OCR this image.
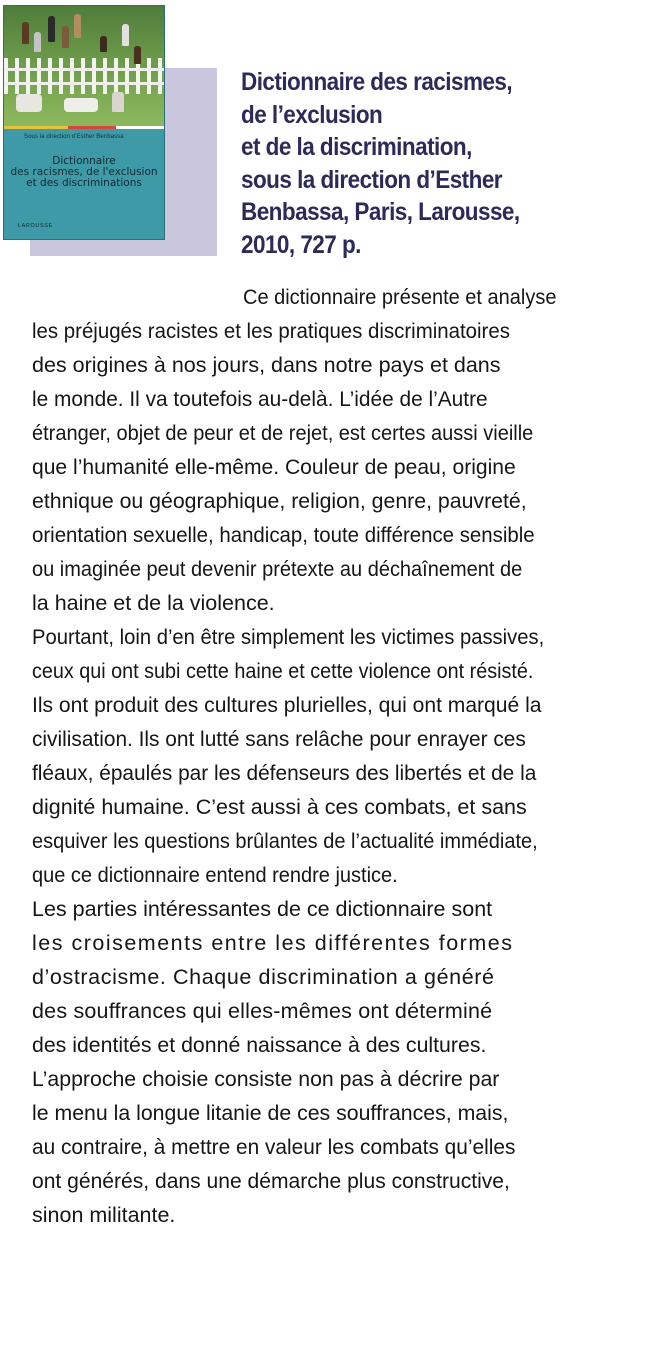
Sous la direction d'Esther Benbassa
Dictionnaire
des racismes, de l'exclusion
et des discriminations
LAROUSSE
Dictionnaire des racismes,
de l’exclusion
et de la discrimination,
sous la direction d’Esther
Benbassa, Paris, Larousse,
2010, 727 p.
Ce dictionnaire présente et analyse
les préjugés racistes et les pratiques discriminatoires
des origines à nos jours, dans notre pays et dans
le monde. Il va toutefois au-delà. L’idée de l’Autre
étranger, objet de peur et de rejet, est certes aussi vieille
que l’humanité elle-même. Couleur de peau, origine
ethnique ou géographique, religion, genre, pauvreté,
orientation sexuelle, handicap, toute différence sensible
ou imaginée peut devenir prétexte au déchaînement de
la haine et de la violence.
Pourtant, loin d’en être simplement les victimes passives,
ceux qui ont subi cette haine et cette violence ont résisté.
Ils ont produit des cultures plurielles, qui ont marqué la
civilisation. Ils ont lutté sans relâche pour enrayer ces
fléaux, épaulés par les défenseurs des libertés et de la
dignité humaine. C’est aussi à ces combats, et sans
esquiver les questions brûlantes de l’actualité immédiate,
que ce dictionnaire entend rendre justice.
Les parties intéressantes de ce dictionnaire sont
les croisements entre les différentes formes
d’ostracisme. Chaque discrimination a généré
des souffrances qui elles-mêmes ont déterminé
des identités et donné naissance à des cultures.
L’approche choisie consiste non pas à décrire par
le menu la longue litanie de ces souffrances, mais,
au contraire, à mettre en valeur les combats qu’elles
ont générés, dans une démarche plus constructive,
sinon militante.
